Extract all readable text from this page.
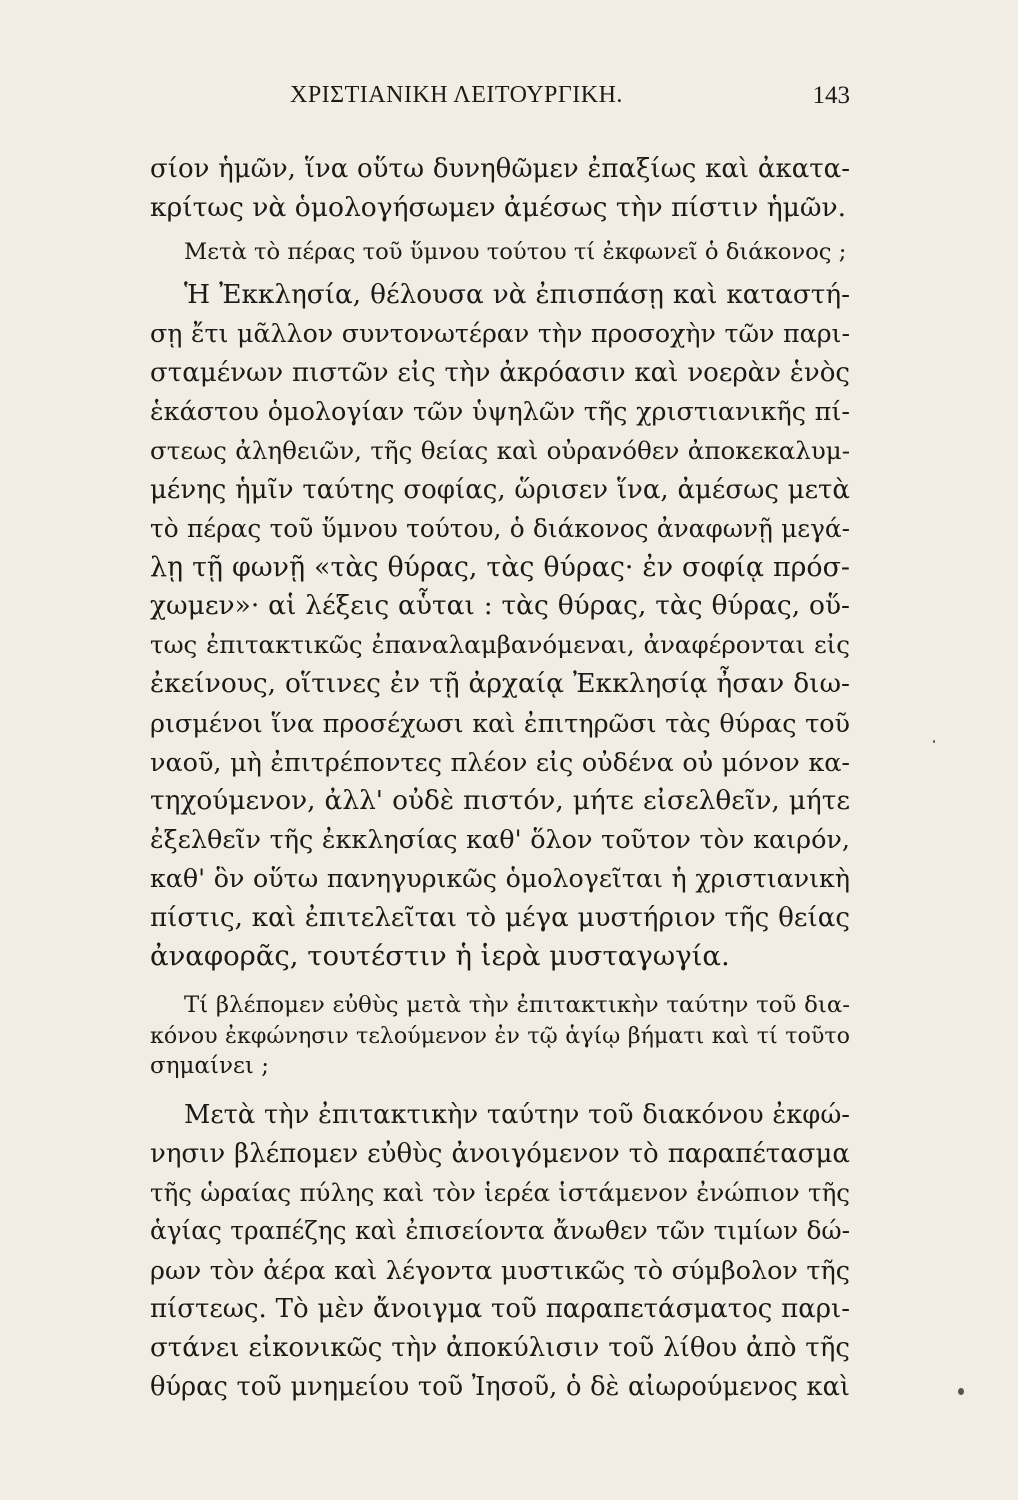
ΧΡΙΣΤΙΑΝΙΚΗ ΛΕΙΤΟΥΡΓΙΚΗ.	143
σίον ἡμῶν, ἵνα οὕτω δυνηθῶμεν ἐπαξίως καὶ ἀκατα-
κρίτως νὰ ὁμολογήσωμεν ἀμέσως τὴν πίστιν ἡμῶν.
Μετὰ τὸ πέρας τοῦ ὕμνου τούτου τί ἐκφωνεῖ ὁ διάκονος ;
Ἡ Ἐκκλησία, θέλουσα νὰ ἐπισπάσῃ καὶ καταστή-
σῃ ἔτι μᾶλλον συντονωτέραν τὴν προσοχὴν τῶν παρι-
σταμένων πιστῶν εἰς τὴν ἀκρόασιν καὶ νοερὰν ἑνὸς
ἑκάστου ὁμολογίαν τῶν ὑψηλῶν τῆς χριστιανικῆς πί-
στεως ἀληθειῶν, τῆς θείας καὶ οὐρανόθεν ἀποκεκαλυμ-
μένης ἡμῖν ταύτης σοφίας, ὥρισεν ἵνα, ἀμέσως μετὰ
τὸ πέρας τοῦ ὕμνου τούτου, ὁ διάκονος ἀναφωνῇ μεγά-
λῃ τῇ φωνῇ «τὰς θύρας, τὰς θύρας· ἐν σοφίᾳ πρόσ-
χωμεν»· αἱ λέξεις αὗται : τὰς θύρας, τὰς θύρας, οὕ-
τως ἐπιτακτικῶς ἐπαναλαμβανόμεναι, ἀναφέρονται εἰς
ἐκείνους, οἵτινες ἐν τῇ ἀρχαίᾳ Ἐκκλησίᾳ ἦσαν διω-
ρισμένοι ἵνα προσέχωσι καὶ ἐπιτηρῶσι τὰς θύρας τοῦ
ναοῦ, μὴ ἐπιτρέποντες πλέον εἰς οὐδένα οὐ μόνον κα-
τηχούμενον, ἀλλ' οὐδὲ πιστόν, μήτε εἰσελθεῖν, μήτε
ἐξελθεῖν τῆς ἐκκλησίας καθ' ὅλον τοῦτον τὸν καιρόν,
καθ' ὃν οὕτω πανηγυρικῶς ὁμολογεῖται ἡ χριστιανικὴ
πίστις, καὶ ἐπιτελεῖται τὸ μέγα μυστήριον τῆς θείας
ἀναφορᾶς, τουτέστιν ἡ ἱερὰ μυσταγωγία.
Τί βλέπομεν εὐθὺς μετὰ τὴν ἐπιτακτικὴν ταύτην τοῦ δια-
κόνου ἐκφώνησιν τελούμενον ἐν τῷ ἁγίῳ βήματι καὶ τί τοῦτο
σημαίνει ;
Μετὰ τὴν ἐπιτακτικὴν ταύτην τοῦ διακόνου ἐκφώ-
νησιν βλέπομεν εὐθὺς ἀνοιγόμενον τὸ παραπέτασμα
τῆς ὡραίας πύλης καὶ τὸν ἱερέα ἱστάμενον ἐνώπιον τῆς
ἁγίας τραπέζης καὶ ἐπισείοντα ἄνωθεν τῶν τιμίων δώ-
ρων τὸν ἀέρα καὶ λέγοντα μυστικῶς τὸ σύμβολον τῆς
πίστεως. Τὸ μὲν ἄνοιγμα τοῦ παραπετάσματος παρι-
στάνει εἰκονικῶς τὴν ἀποκύλισιν τοῦ λίθου ἀπὸ τῆς
θύρας τοῦ μνημείου τοῦ Ἰησοῦ, ὁ δὲ αἰωρούμενος καὶ
